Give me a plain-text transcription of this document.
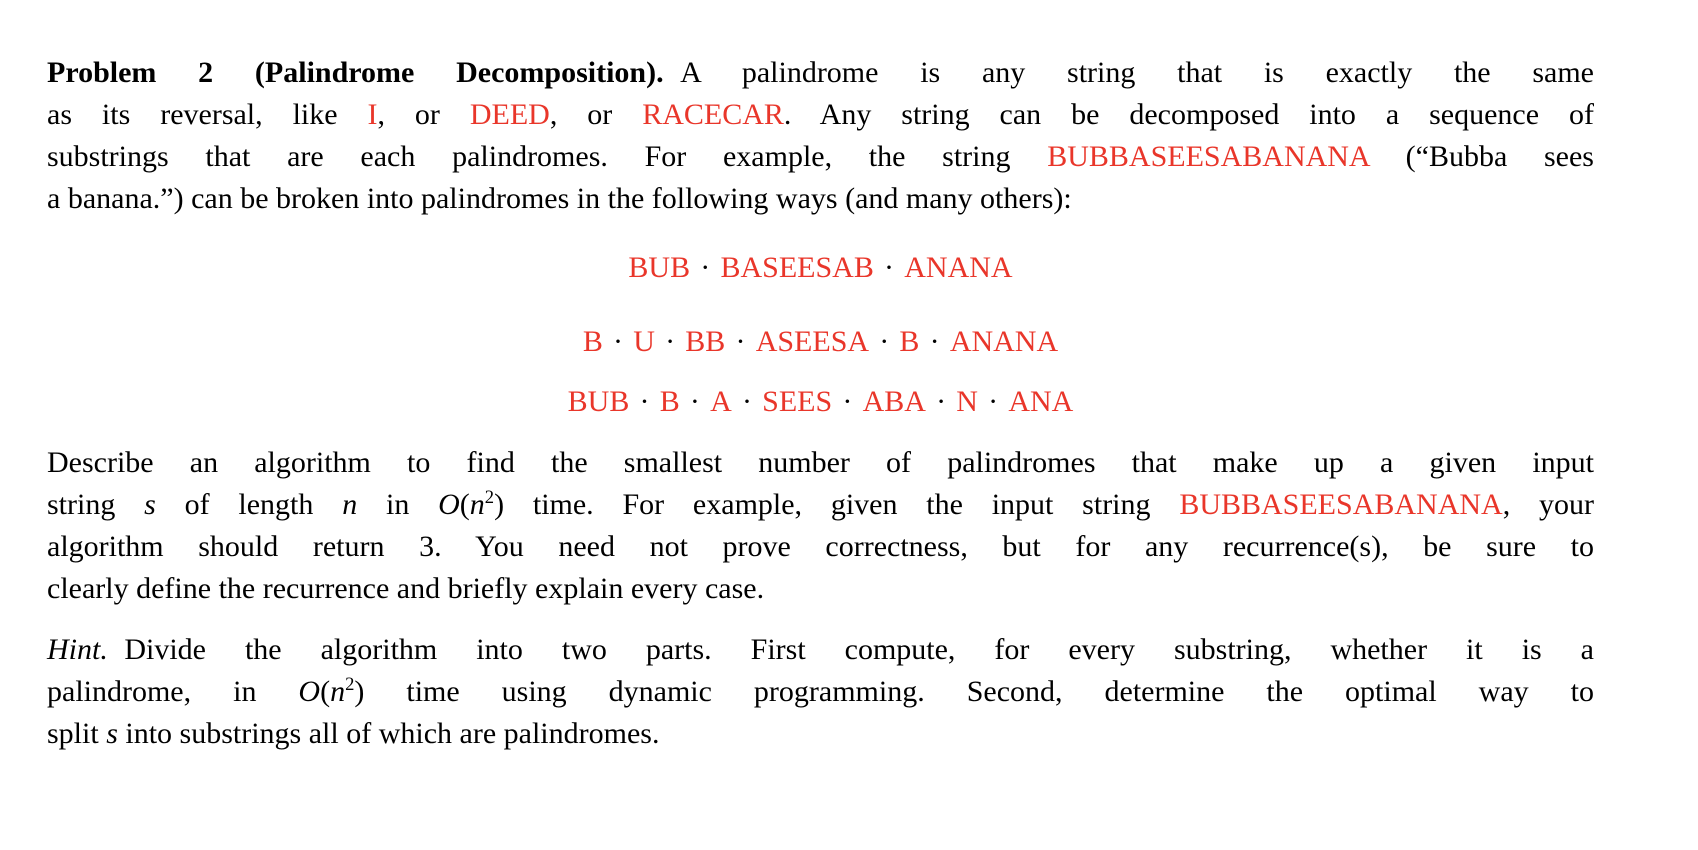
Problem 2 (Palindrome Decomposition). A palindrome is any string that is exactly the same
as its reversal, like I, or DEED, or RACECAR. Any string can be decomposed into a sequence of
substrings that are each palindromes. For example, the string BUBBASEESABANANA (“Bubba sees
a banana.”) can be broken into palindromes in the following ways (and many others):
BUB · BASEESAB · ANANA
B · U · BB · ASEESA · B · ANANA
BUB · B · A · SEES · ABA · N · ANA
Describe an algorithm to find the smallest number of palindromes that make up a given input
string s of length n in $O(n^2)$ time. For example, given the input string BUBBASEESABANANA, your
algorithm should return 3. You need not prove correctness, but for any recurrence(s), be sure to
clearly define the recurrence and briefly explain every case.
Hint. Divide the algorithm into two parts. First compute, for every substring, whether it is a
palindrome, in $O(n^2)$ time using dynamic programming. Second, determine the optimal way to
split s into substrings all of which are palindromes.
